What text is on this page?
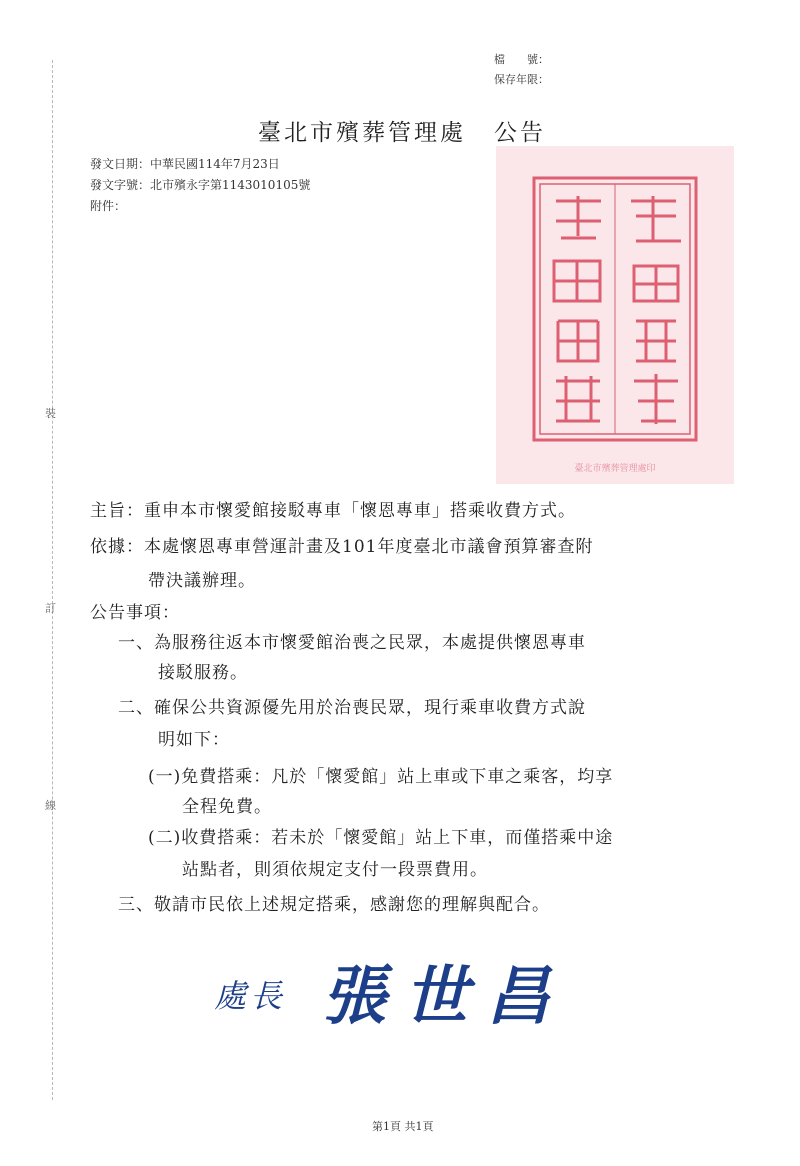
裝
訂
線
檔　　號：
保存年限：
臺北市殯葬管理處 公告
發文日期：中華民國114年7月23日
發文字號：北市殯永字第1143010105號
附件：
臺北市殯葬管理處印
主旨：重申本市懷愛館接駁專車「懷恩專車」搭乘收費方式。
依據：本處懷恩專車營運計畫及101年度臺北市議會預算審查附
帶決議辦理。
公告事項：
一、為服務往返本市懷愛館治喪之民眾，本處提供懷恩專車
接駁服務。
二、確保公共資源優先用於治喪民眾，現行乘車收費方式說
明如下：
(一)免費搭乘：凡於「懷愛館」站上車或下車之乘客，均享
全程免費。
(二)收費搭乘：若未於「懷愛館」站上下車，而僅搭乘中途
站點者，則須依規定支付一段票費用。
三、敬請市民依上述規定搭乘，感謝您的理解與配合。
處長 張世昌
第1頁 共1頁
